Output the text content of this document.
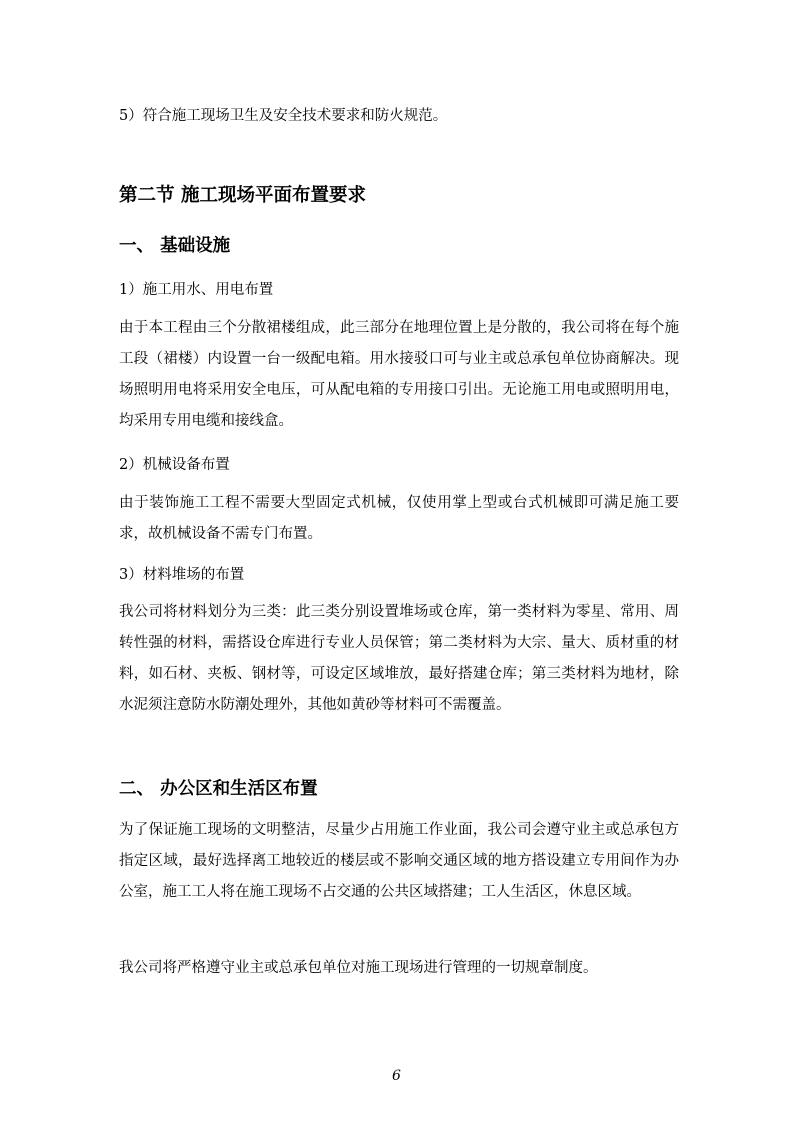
5）符合施工现场卫生及安全技术要求和防火规范。

第二节 施工现场平面布置要求
一、 基础设施

1）施工用水、用电布置

由于本工程由三个分散裙楼组成，此三部分在地理位置上是分散的，我公司将在每个施工段（裙楼）内设置一台一级配电箱。用水接驳口可与业主或总承包单位协商解决。现场照明用电将采用安全电压，可从配电箱的专用接口引出。无论施工用电或照明用电，均采用专用电缆和接线盒。

2）机械设备布置

由于装饰施工工程不需要大型固定式机械，仅使用掌上型或台式机械即可满足施工要求，故机械设备不需专门布置。

3）材料堆场的布置

我公司将材料划分为三类：此三类分别设置堆场或仓库，第一类材料为零星、常用、周转性强的材料，需搭设仓库进行专业人员保管；第二类材料为大宗、量大、质材重的材料，如石材、夹板、钢材等，可设定区域堆放，最好搭建仓库；第三类材料为地材，除水泥须注意防水防潮处理外，其他如黄砂等材料可不需覆盖。

二、 办公区和生活区布置

为了保证施工现场的文明整洁，尽量少占用施工作业面，我公司会遵守业主或总承包方指定区域，最好选择离工地较近的楼层或不影响交通区域的地方搭设建立专用间作为办公室，施工工人将在施工现场不占交通的公共区域搭建；工人生活区，休息区域。

我公司将严格遵守业主或总承包单位对施工现场进行管理的一切规章制度。

6
